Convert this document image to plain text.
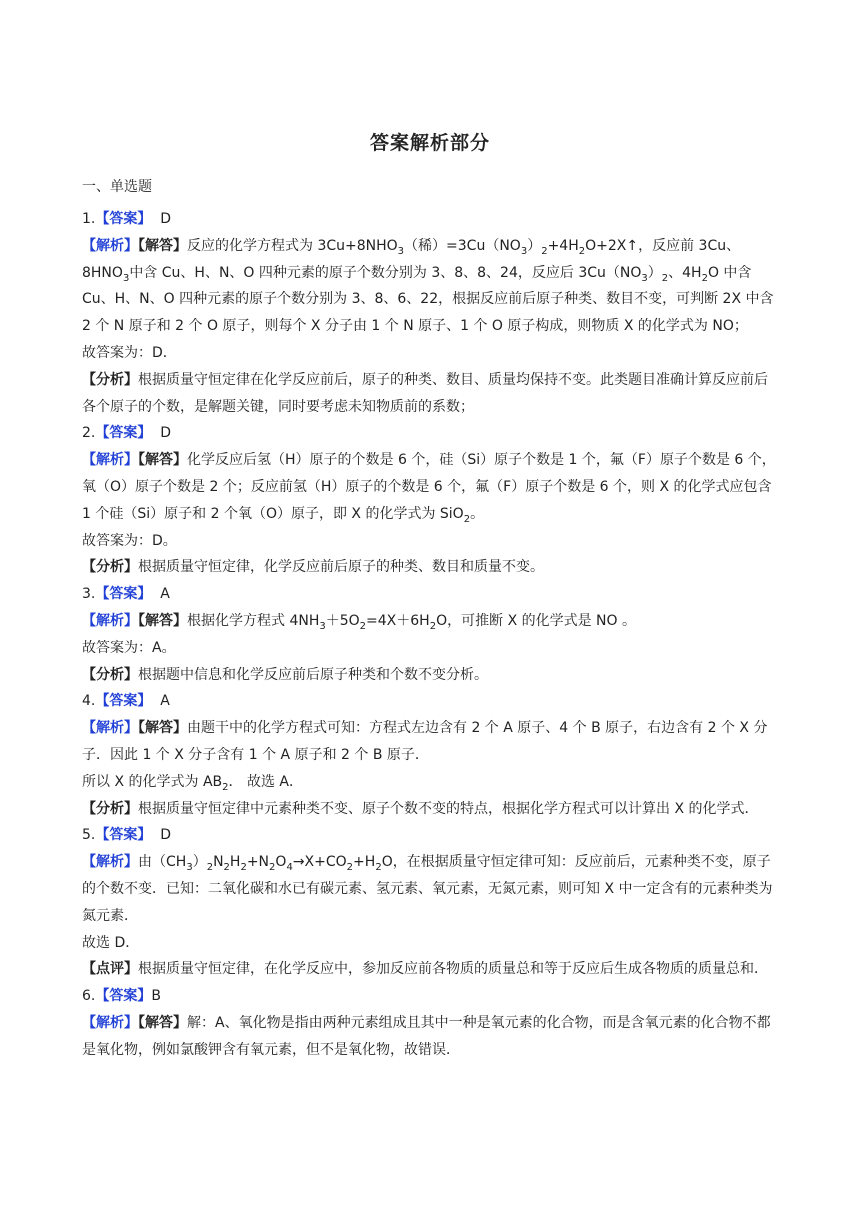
答案解析部分
一、单选题

1.【答案】 D

【解析】【解答】反应的化学方程式为 $3Cu+8NHO_3$（稀）$=3Cu(NO_3)_2+4H_2O+2X↑$，反应前 3Cu、$8HNO_3$中含 Cu、H、N、O 四种元素的原子个数分别为 3、8、8、24，反应后 $3Cu(NO_3)_2$、$4H_2O$ 中含 Cu、H、N、O 四种元素的原子个数分别为 3、8、6、22，根据反应前后原子种类、数目不变，可判断 2X 中含 2 个 N 原子和 2 个 O 原子，则每个 X 分子由 1 个 N 原子、1 个 O 原子构成，则物质 X 的化学式为 NO；

故答案为：D．

【分析】根据质量守恒定律在化学反应前后，原子的种类、数目、质量均保持不变。此类题目准确计算反应前后各个原子的个数，是解题关键，同时要考虑未知物质前的系数；

2.【答案】 D

【解析】【解答】化学反应后氢（H）原子的个数是 6 个，硅（Si）原子个数是 1 个，氟（F）原子个数是 6 个，氧（O）原子个数是 2 个；反应前氢（H）原子的个数是 6 个，氟（F）原子个数是 6 个，则 X 的化学式应包含 1 个硅（Si）原子和 2 个氧（O）原子，即 X 的化学式为 SiO$_2$。

故答案为：D。

【分析】根据质量守恒定律，化学反应前后原子的种类、数目和质量不变。

3.【答案】 A

【解析】【解答】根据化学方程式 $4NH_3+5O_2=4X+6H_2O$，可推断 X 的化学式是 NO 。

故答案为：A。

【分析】根据题中信息和化学反应前后原子种类和个数不变分析。

4.【答案】 A

【解析】【解答】由题干中的化学方程式可知：方程式左边含有 2 个 A 原子、4 个 B 原子，右边含有 2 个 X 分子．因此 1 个 X 分子含有 1 个 A 原子和 2 个 B 原子．

所以 X 的化学式为 $AB_2$． 故选 A．

【分析】根据质量守恒定律中元素种类不变、原子个数不变的特点，根据化学方程式可以计算出 X 的化学式．

5.【答案】 D

【解析】由$(CH_3)_2N_2H_2+N_2O_4\to X+CO_2+H_2O$，在根据质量守恒定律可知：反应前后，元素种类不变，原子的个数不变．已知：二氧化碳和水已有碳元素、氢元素、氧元素，无氮元素，则可知 X 中一定含有的元素种类为氮元素．

故选 D．

【点评】根据质量守恒定律，在化学反应中，参加反应前各物质的质量总和等于反应后生成各物质的质量总和．

6.【答案】B

【解析】【解答】解：A、氧化物是指由两种元素组成且其中一种是氧元素的化合物，而是含氧元素的化合物不都是氧化物，例如氯酸钾含有氧元素，但不是氧化物，故错误．
